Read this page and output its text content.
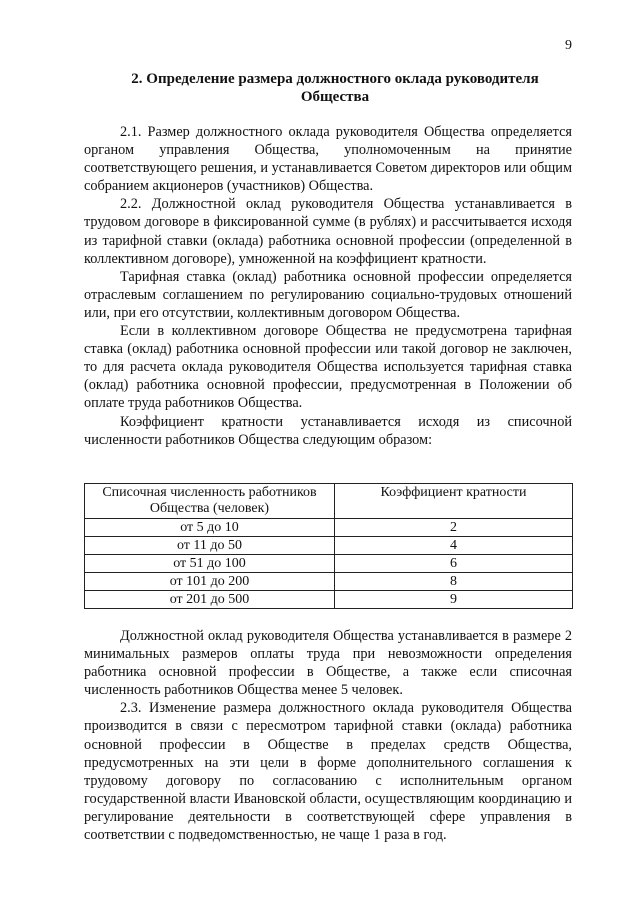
9
2. Определение размера должностного оклада руководителя Общества

2.1. Размер должностного оклада руководителя Общества определяется органом управления Общества, уполномоченным на принятие соответствующего решения, и устанавливается Советом директоров или общим собранием акционеров (участников) Общества.

2.2. Должностной оклад руководителя Общества устанавливается в трудовом договоре в фиксированной сумме (в рублях) и рассчитывается исходя из тарифной ставки (оклада) работника основной профессии (определенной в коллективном договоре), умноженной на коэффициент кратности.

Тарифная ставка (оклад) работника основной профессии определяется отраслевым соглашением по регулированию социально-трудовых отношений или, при его отсутствии, коллективным договором Общества.

Если в коллективном договоре Общества не предусмотрена тарифная ставка (оклад) работника основной профессии или такой договор не заключен, то для расчета оклада руководителя Общества используется тарифная ставка (оклад) работника основной профессии, предусмотренная в Положении об оплате труда работников Общества.

Коэффициент кратности устанавливается исходя из списочной численности работников Общества следующим образом:

Списочная численность работников Общества (человек)	Коэффициент кратности
от 5 до 10	2
от 11 до 50	4
от 51 до 100	6
от 101 до 200	8
от 201 до 500	9

Должностной оклад руководителя Общества устанавливается в размере 2 минимальных размеров оплаты труда при невозможности определения работника основной профессии в Обществе, а также если списочная численность работников Общества менее 5 человек.

2.3. Изменение размера должностного оклада руководителя Общества производится в связи с пересмотром тарифной ставки (оклада) работника основной профессии в Обществе в пределах средств Общества, предусмотренных на эти цели в форме дополнительного соглашения к трудовому договору по согласованию с исполнительным органом государственной власти Ивановской области, осуществляющим координацию и регулирование деятельности в соответствующей сфере управления в соответствии с подведомственностью, не чаще 1 раза в год.
